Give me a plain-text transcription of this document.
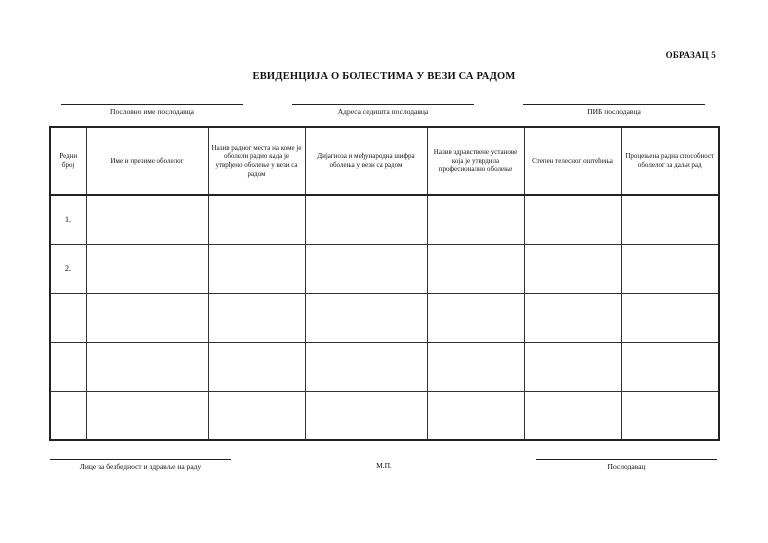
ОБРАЗАЦ 5
ЕВИДЕНЦИЈА О БОЛЕСТИМА У ВЕЗИ СА РАДОМ
Пословно име послодавца	Адреса седишта послодавца	ПИБ послодавца
Редни број	Име и презиме оболелог	Назив радног места на коме је оболели радио када је утврђено оболење у вези са радом	Дијагноза и међународна шифра оболења у вези са радом	Назив здравствене установе која је утврдила професионално оболење	Степен телесног оштећења	Процењена радна способност оболелог за даљи рад
1.						
2.						

Лице за безбедност и здравље на раду	М.П.	Послодавац
